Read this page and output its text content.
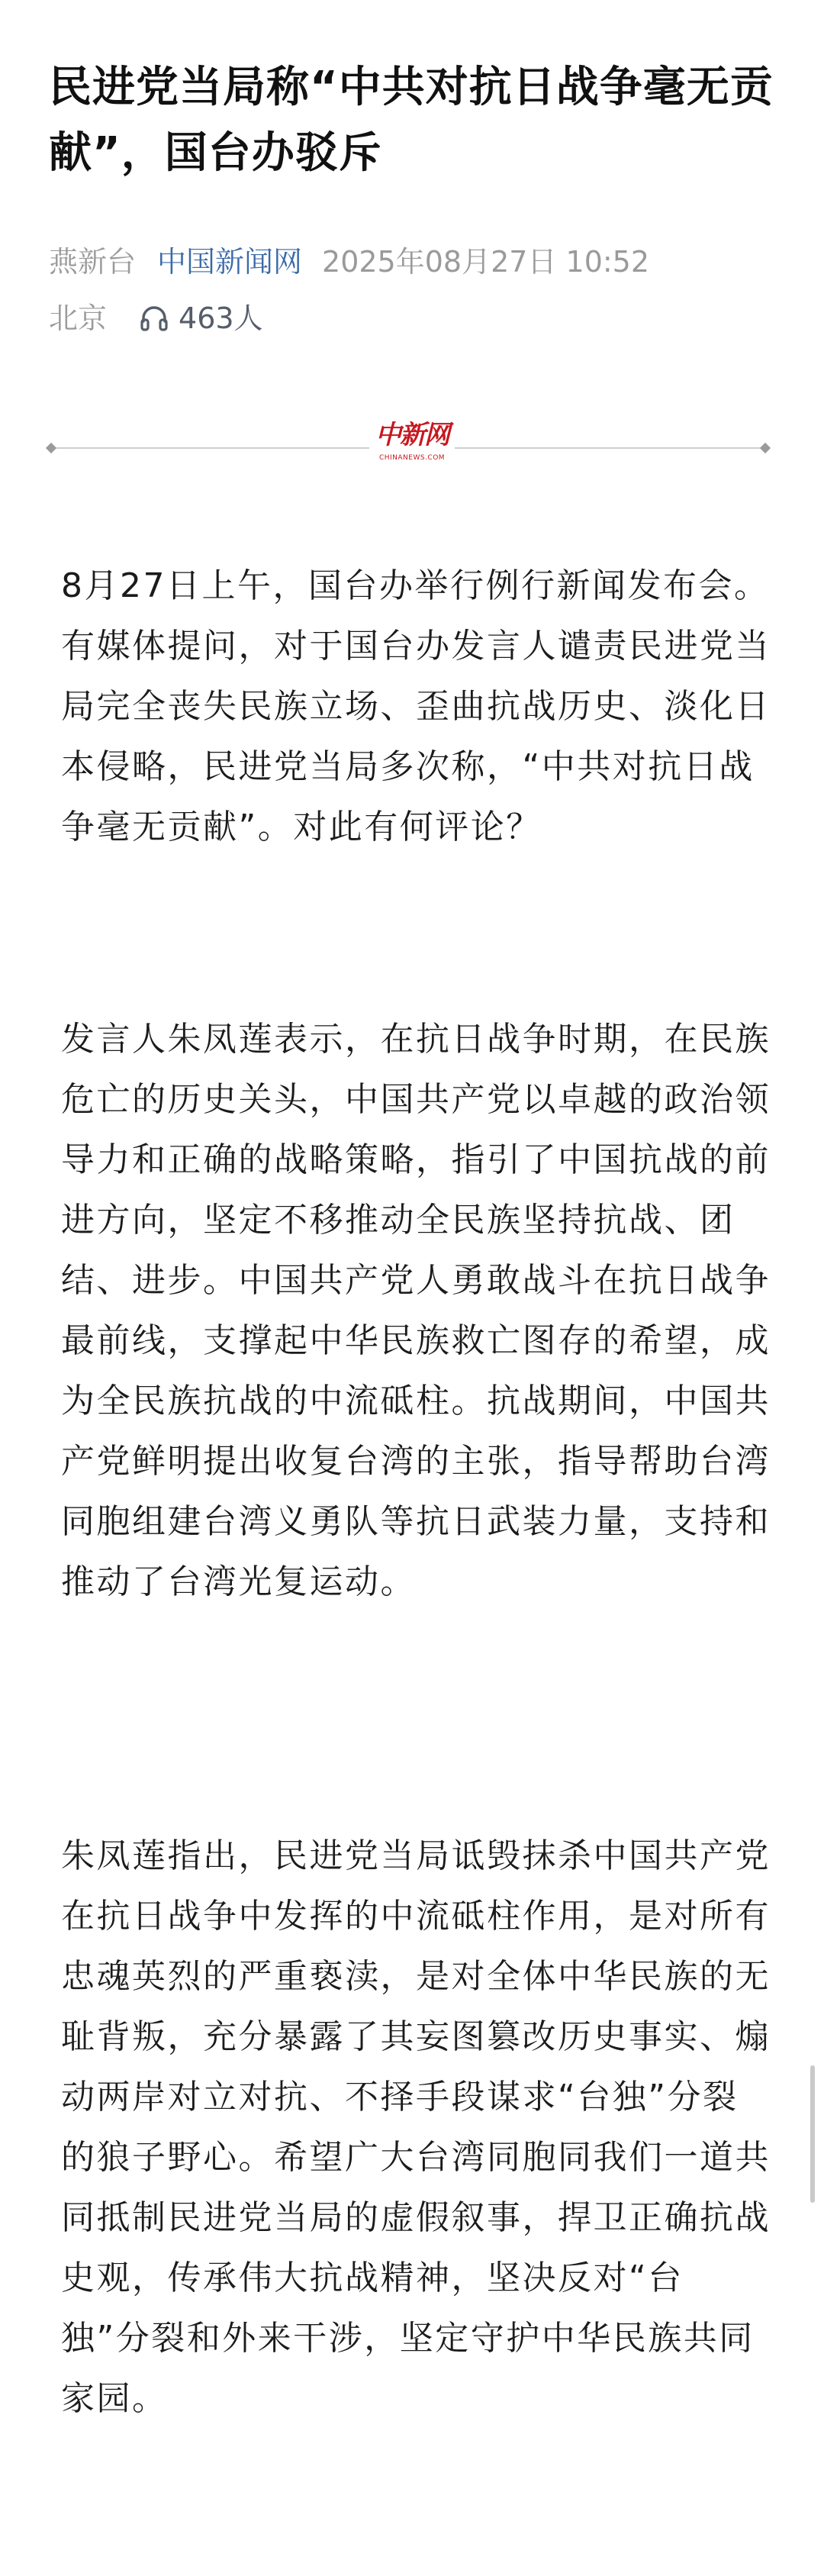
民进党当局称“中共对抗日战争毫无贡献”，国台办驳斥
燕新台 中国新闻网 2025年08月27日 10:52
北京 463人
中新网
CHINANEWS.COM

8月27日上午，国台办举行例行新闻发布会。有媒体提问，对于国台办发言人谴责民进党当局完全丧失民族立场、歪曲抗战历史、淡化日本侵略，民进党当局多次称，“中共对抗日战争毫无贡献”。对此有何评论？

发言人朱凤莲表示，在抗日战争时期，在民族危亡的历史关头，中国共产党以卓越的政治领导力和正确的战略策略，指引了中国抗战的前进方向，坚定不移推动全民族坚持抗战、团结、进步。中国共产党人勇敢战斗在抗日战争最前线，支撑起中华民族救亡图存的希望，成为全民族抗战的中流砥柱。抗战期间，中国共产党鲜明提出收复台湾的主张，指导帮助台湾同胞组建台湾义勇队等抗日武装力量，支持和推动了台湾光复运动。

朱凤莲指出，民进党当局诋毁抹杀中国共产党在抗日战争中发挥的中流砥柱作用，是对所有忠魂英烈的严重亵渎，是对全体中华民族的无耻背叛，充分暴露了其妄图篡改历史事实、煽动两岸对立对抗、不择手段谋求“台独”分裂的狼子野心。希望广大台湾同胞同我们一道共同抵制民进党当局的虚假叙事，捍卫正确抗战史观，传承伟大抗战精神，坚决反对“台独”分裂和外来干涉，坚定守护中华民族共同家园。
